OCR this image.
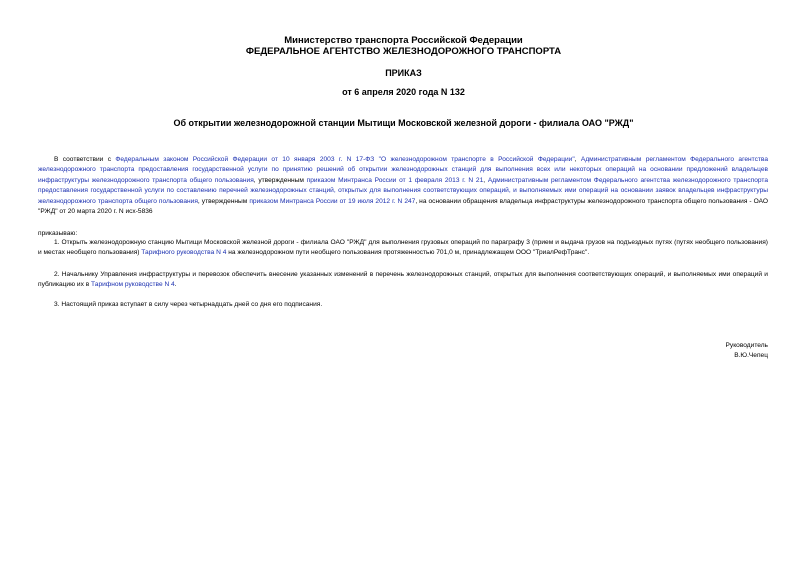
Министерство транспорта Российской Федерации
ФЕДЕРАЛЬНОЕ АГЕНТСТВО ЖЕЛЕЗНОДОРОЖНОГО ТРАНСПОРТА
ПРИКАЗ
от 6 апреля 2020 года N 132
Об открытии железнодорожной станции Мытищи Московской железной дороги - филиала ОАО "РЖД"
В соответствии с Федеральным законом Российской Федерации от 10 января 2003 г. N 17-ФЗ "О железнодорожном транспорте в Российской Федерации", Административным регламентом Федерального агентства железнодорожного транспорта предоставления государственной услуги по принятию решений об открытии железнодорожных станций для выполнения всех или некоторых операций на основании предложений владельцев инфраструктуры железнодорожного транспорта общего пользования, утвержденным приказом Минтранса России от 1 февраля 2013 г. N 21, Административным регламентом Федерального агентства железнодорожного транспорта предоставления государственной услуги по составлению перечней железнодорожных станций, открытых для выполнения соответствующих операций, и выполняемых ими операций на основании заявок владельцев инфраструктуры железнодорожного транспорта общего пользования, утвержденным приказом Минтранса России от 19 июля 2012 г. N 247, на основании обращения владельца инфраструктуры железнодорожного транспорта общего пользования - ОАО "РЖД" от 20 марта 2020 г. N исх-5836
приказываю:
1. Открыть железнодорожную станцию Мытищи Московской железной дороги - филиала ОАО "РЖД" для выполнения грузовых операций по параграфу 3 (прием и выдача грузов на подъездных путях (путях необщего пользования) и местах необщего пользования) Тарифного руководства N 4 на железнодорожном пути необщего пользования протяженностью 701,0 м, принадлежащем ООО "ТриалРефТранс".
2. Начальнику Управления инфраструктуры и перевозок обеспечить внесение указанных изменений в перечень железнодорожных станций, открытых для выполнения соответствующих операций, и выполняемых ими операций и публикацию их в Тарифном руководстве N 4.
3. Настоящий приказ вступает в силу через четырнадцать дней со дня его подписания.
Руководитель
В.Ю.Чепец
